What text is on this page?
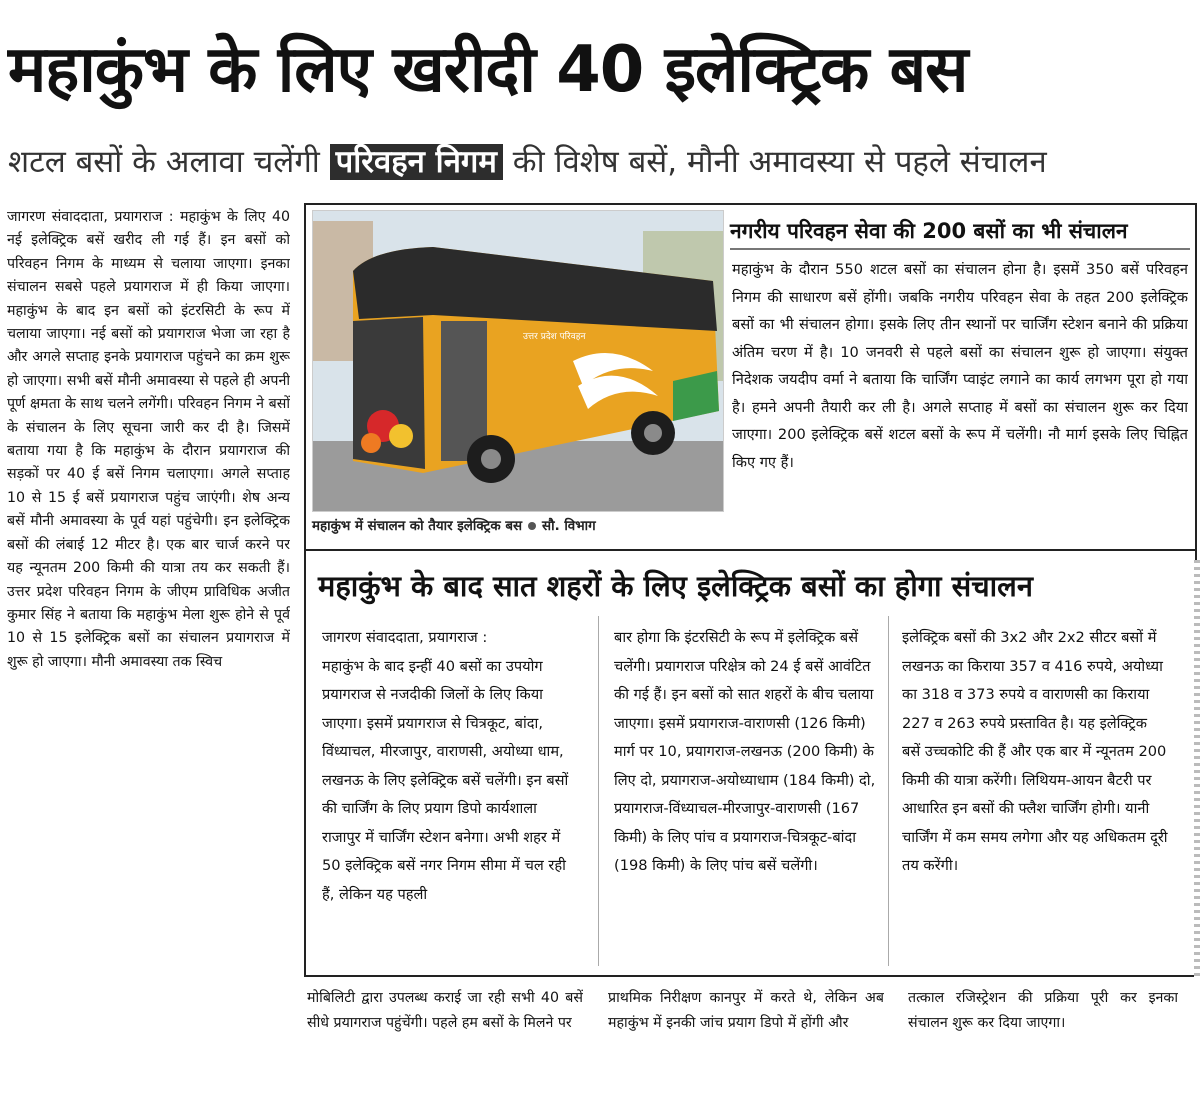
महाकुंभ के लिए खरीदी 40 इलेक्ट्रिक बस
शटल बसों के अलावा चलेंगी परिवहन निगम की विशेष बसें, मौनी अमावस्या से पहले संचालन

जागरण संवाददाता, प्रयागराज : महाकुंभ के लिए 40 नई इलेक्ट्रिक बसें खरीद ली गई हैं। इन बसों को परिवहन निगम के माध्यम से चलाया जाएगा। इनका संचालन सबसे पहले प्रयागराज में ही किया जाएगा। महाकुंभ के बाद इन बसों को इंटरसिटी के रूप में चलाया जाएगा। नई बसों को प्रयागराज भेजा जा रहा है और अगले सप्ताह इनके प्रयागराज पहुंचने का क्रम शुरू हो जाएगा। सभी बसें मौनी अमावस्या से पहले ही अपनी पूर्ण क्षमता के साथ चलने लगेंगी। परिवहन निगम ने बसों के संचालन के लिए सूचना जारी कर दी है। जिसमें बताया गया है कि महाकुंभ के दौरान प्रयागराज की सड़कों पर 40 ई बसें निगम चलाएगा। अगले सप्ताह 10 से 15 ई बसें प्रयागराज पहुंच जाएंगी। शेष अन्य बसें मौनी अमावस्या के पूर्व यहां पहुंचेगी। इन इलेक्ट्रिक बसों की लंबाई 12 मीटर है। एक बार चार्ज करने पर यह न्यूनतम 200 किमी की यात्रा तय कर सकती हैं। उत्तर प्रदेश परिवहन निगम के जीएम प्राविधिक अजीत कुमार सिंह ने बताया कि महाकुंभ मेला शुरू होने से पूर्व 10 से 15 इलेक्ट्रिक बसों का संचालन प्रयागराज में शुरू हो जाएगा। मौनी अमावस्या तक स्विच

उत्तर प्रदेश परिवहन
महाकुंभ में संचालन को तैयार इलेक्ट्रिक बस सौ. विभाग
नगरीय परिवहन सेवा की 200 बसों का भी संचालन
महाकुंभ के दौरान 550 शटल बसों का संचालन होना है। इसमें 350 बसें परिवहन निगम की साधारण बसें होंगी। जबकि नगरीय परिवहन सेवा के तहत 200 इलेक्ट्रिक बसों का भी संचालन होगा। इसके लिए तीन स्थानों पर चार्जिंग स्टेशन बनाने की प्रक्रिया अंतिम चरण में है। 10 जनवरी से पहले बसों का संचालन शुरू हो जाएगा। संयुक्त निदेशक जयदीप वर्मा ने बताया कि चार्जिंग प्वाइंट लगाने का कार्य लगभग पूरा हो गया है। हमने अपनी तैयारी कर ली है। अगले सप्ताह में बसों का संचालन शुरू कर दिया जाएगा। 200 इलेक्ट्रिक बसें शटल बसों के रूप में चलेंगी। नौ मार्ग इसके लिए चिह्नित किए गए हैं।
महाकुंभ के बाद सात शहरों के लिए इलेक्ट्रिक बसों का होगा संचालन
जागरण संवाददाता, प्रयागराज :
महाकुंभ के बाद इन्हीं 40 बसों का उपयोग प्रयागराज से नजदीकी जिलों के लिए किया जाएगा। इसमें प्रयागराज से चित्रकूट, बांदा, विंध्याचल, मीरजापुर, वाराणसी, अयोध्या धाम, लखनऊ के लिए इलेक्ट्रिक बसें चलेंगी। इन बसों की चार्जिंग के लिए प्रयाग डिपो कार्यशाला राजापुर में चार्जिंग स्टेशन बनेगा। अभी शहर में 50 इलेक्ट्रिक बसें नगर निगम सीमा में चल रही हैं, लेकिन यह पहली
बार होगा कि इंटरसिटी के रूप में इलेक्ट्रिक बसें चलेंगी। प्रयागराज परिक्षेत्र को 24 ई बसें आवंटित की गई हैं। इन बसों को सात शहरों के बीच चलाया जाएगा। इसमें प्रयागराज-वाराणसी (126 किमी) मार्ग पर 10, प्रयागराज-लखनऊ (200 किमी) के लिए दो, प्रयागराज-अयोध्याधाम (184 किमी) दो, प्रयागराज-विंध्याचल-मीरजापुर-वाराणसी (167 किमी) के लिए पांच व प्रयागराज-चित्रकूट-बांदा (198 किमी) के लिए पांच बसें चलेंगी।
इलेक्ट्रिक बसों की 3x2 और 2x2 सीटर बसों में लखनऊ का किराया 357 व 416 रुपये, अयोध्या का 318 व 373 रुपये व वाराणसी का किराया 227 व 263 रुपये प्रस्तावित है। यह इलेक्ट्रिक बसें उच्चकोटि की हैं और एक बार में न्यूनतम 200 किमी की यात्रा करेंगी। लिथियम-आयन बैटरी पर आधारित इन बसों की फ्लैश चार्जिंग होगी। यानी चार्जिंग में कम समय लगेगा और यह अधिकतम दूरी तय करेंगी।
मोबिलिटी द्वारा उपलब्ध कराई जा रही सभी 40 बसें सीधे प्रयागराज पहुंचेंगी। पहले हम बसों के मिलने पर
प्राथमिक निरीक्षण कानपुर में करते थे, लेकिन अब महाकुंभ में इनकी जांच प्रयाग डिपो में होंगी और
तत्काल रजिस्ट्रेशन की प्रक्रिया पूरी कर इनका संचालन शुरू कर दिया जाएगा।
